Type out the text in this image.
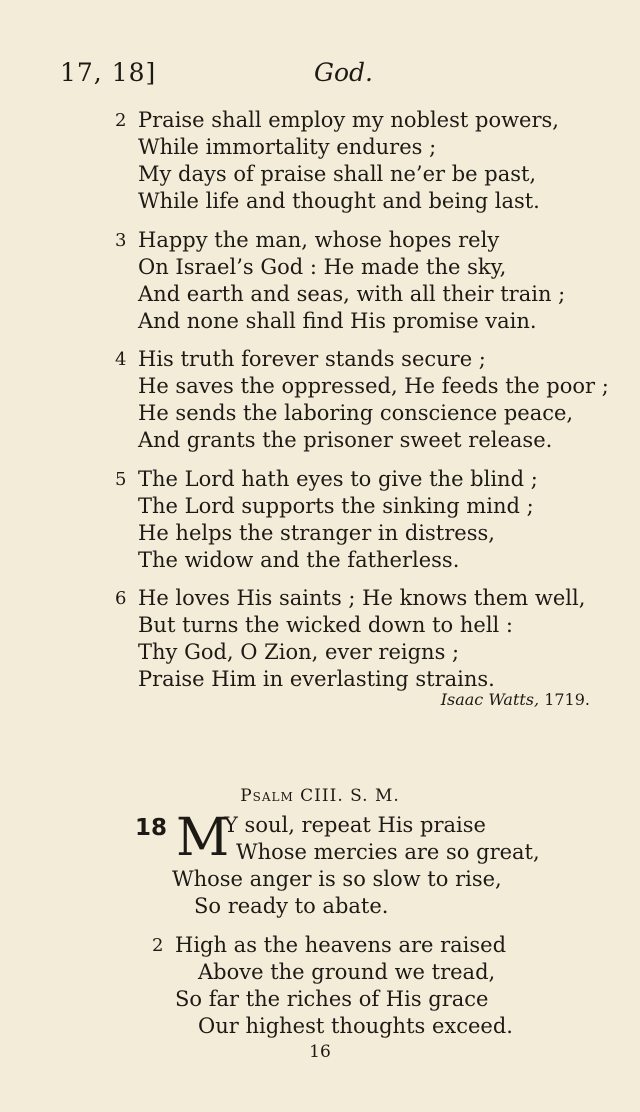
17, 18]	God.
2 Praise shall employ my noblest powers,
While immortality endures ;
My days of praise shall ne’er be past,
While life and thought and being last.
3 Happy the man, whose hopes rely
On Israel’s God : He made the sky,
And earth and seas, with all their train ;
And none shall find His promise vain.
4 His truth forever stands secure ;
He saves the oppressed, He feeds the poor ;
He sends the laboring conscience peace,
And grants the prisoner sweet release.
5 The Lord hath eyes to give the blind ;
The Lord supports the sinking mind ;
He helps the stranger in distress,
The widow and the fatherless.
6 He loves His saints ; He knows them well,
But turns the wicked down to hell :
Thy God, O Zion, ever reigns ;
Praise Him in everlasting strains.
Isaac Watts, 1719.
Psalm CIII. S. M.
18 M
Y soul, repeat His praise
Whose mercies are so great,
Whose anger is so slow to rise,
So ready to abate.
2 High as the heavens are raised
Above the ground we tread,
So far the riches of His grace
Our highest thoughts exceed.
16
